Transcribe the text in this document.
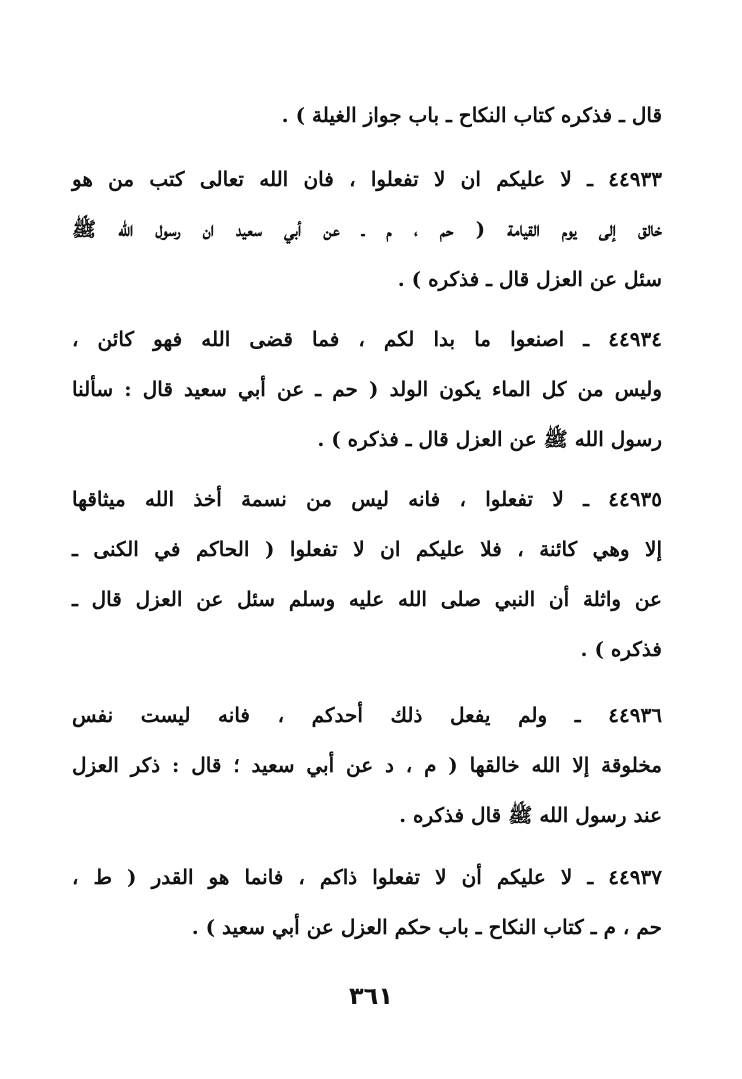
قال ـ فذكره كتاب النكاح ـ باب جواز الغيلة ) .
٤٤٩٣٣ ـ لا عليكم ان لا تفعلوا ، فان الله تعالى كتب من هو
خالق إلى يوم القيامة ( حم ، م ـ عن أبي سعيد ان رسول الله ﷺ
سئل عن العزل قال ـ فذكره ) .
٤٤٩٣٤ ـ اصنعوا ما بدا لكم ، فما قضى الله فهو كائن ،
وليس من كل الماء يكون الولد ( حم ـ عن أبي سعيد قال : سألنا
رسول الله ﷺ عن العزل قال ـ فذكره ) .
٤٤٩٣٥ ـ لا تفعلوا ، فانه ليس من نسمة أخذ الله ميثاقها
إلا وهي كائنة ، فلا عليكم ان لا تفعلوا ( الحاكم في الكنى ـ
عن واثلة أن النبي صلى الله عليه وسلم سئل عن العزل قال ـ
فذكره ) .
٤٤٩٣٦ ـ ولم يفعل ذلك أحدكم ، فانه ليست نفس
مخلوقة إلا الله خالقها ( م ، د عن أبي سعيد ؛ قال : ذكر العزل
عند رسول الله ﷺ قال فذكره .
٤٤٩٣٧ ـ لا عليكم أن لا تفعلوا ذاكم ، فانما هو القدر ( ط ،
حم ، م ـ كتاب النكاح ـ باب حكم العزل عن أبي سعيد ) .
٣٦١
